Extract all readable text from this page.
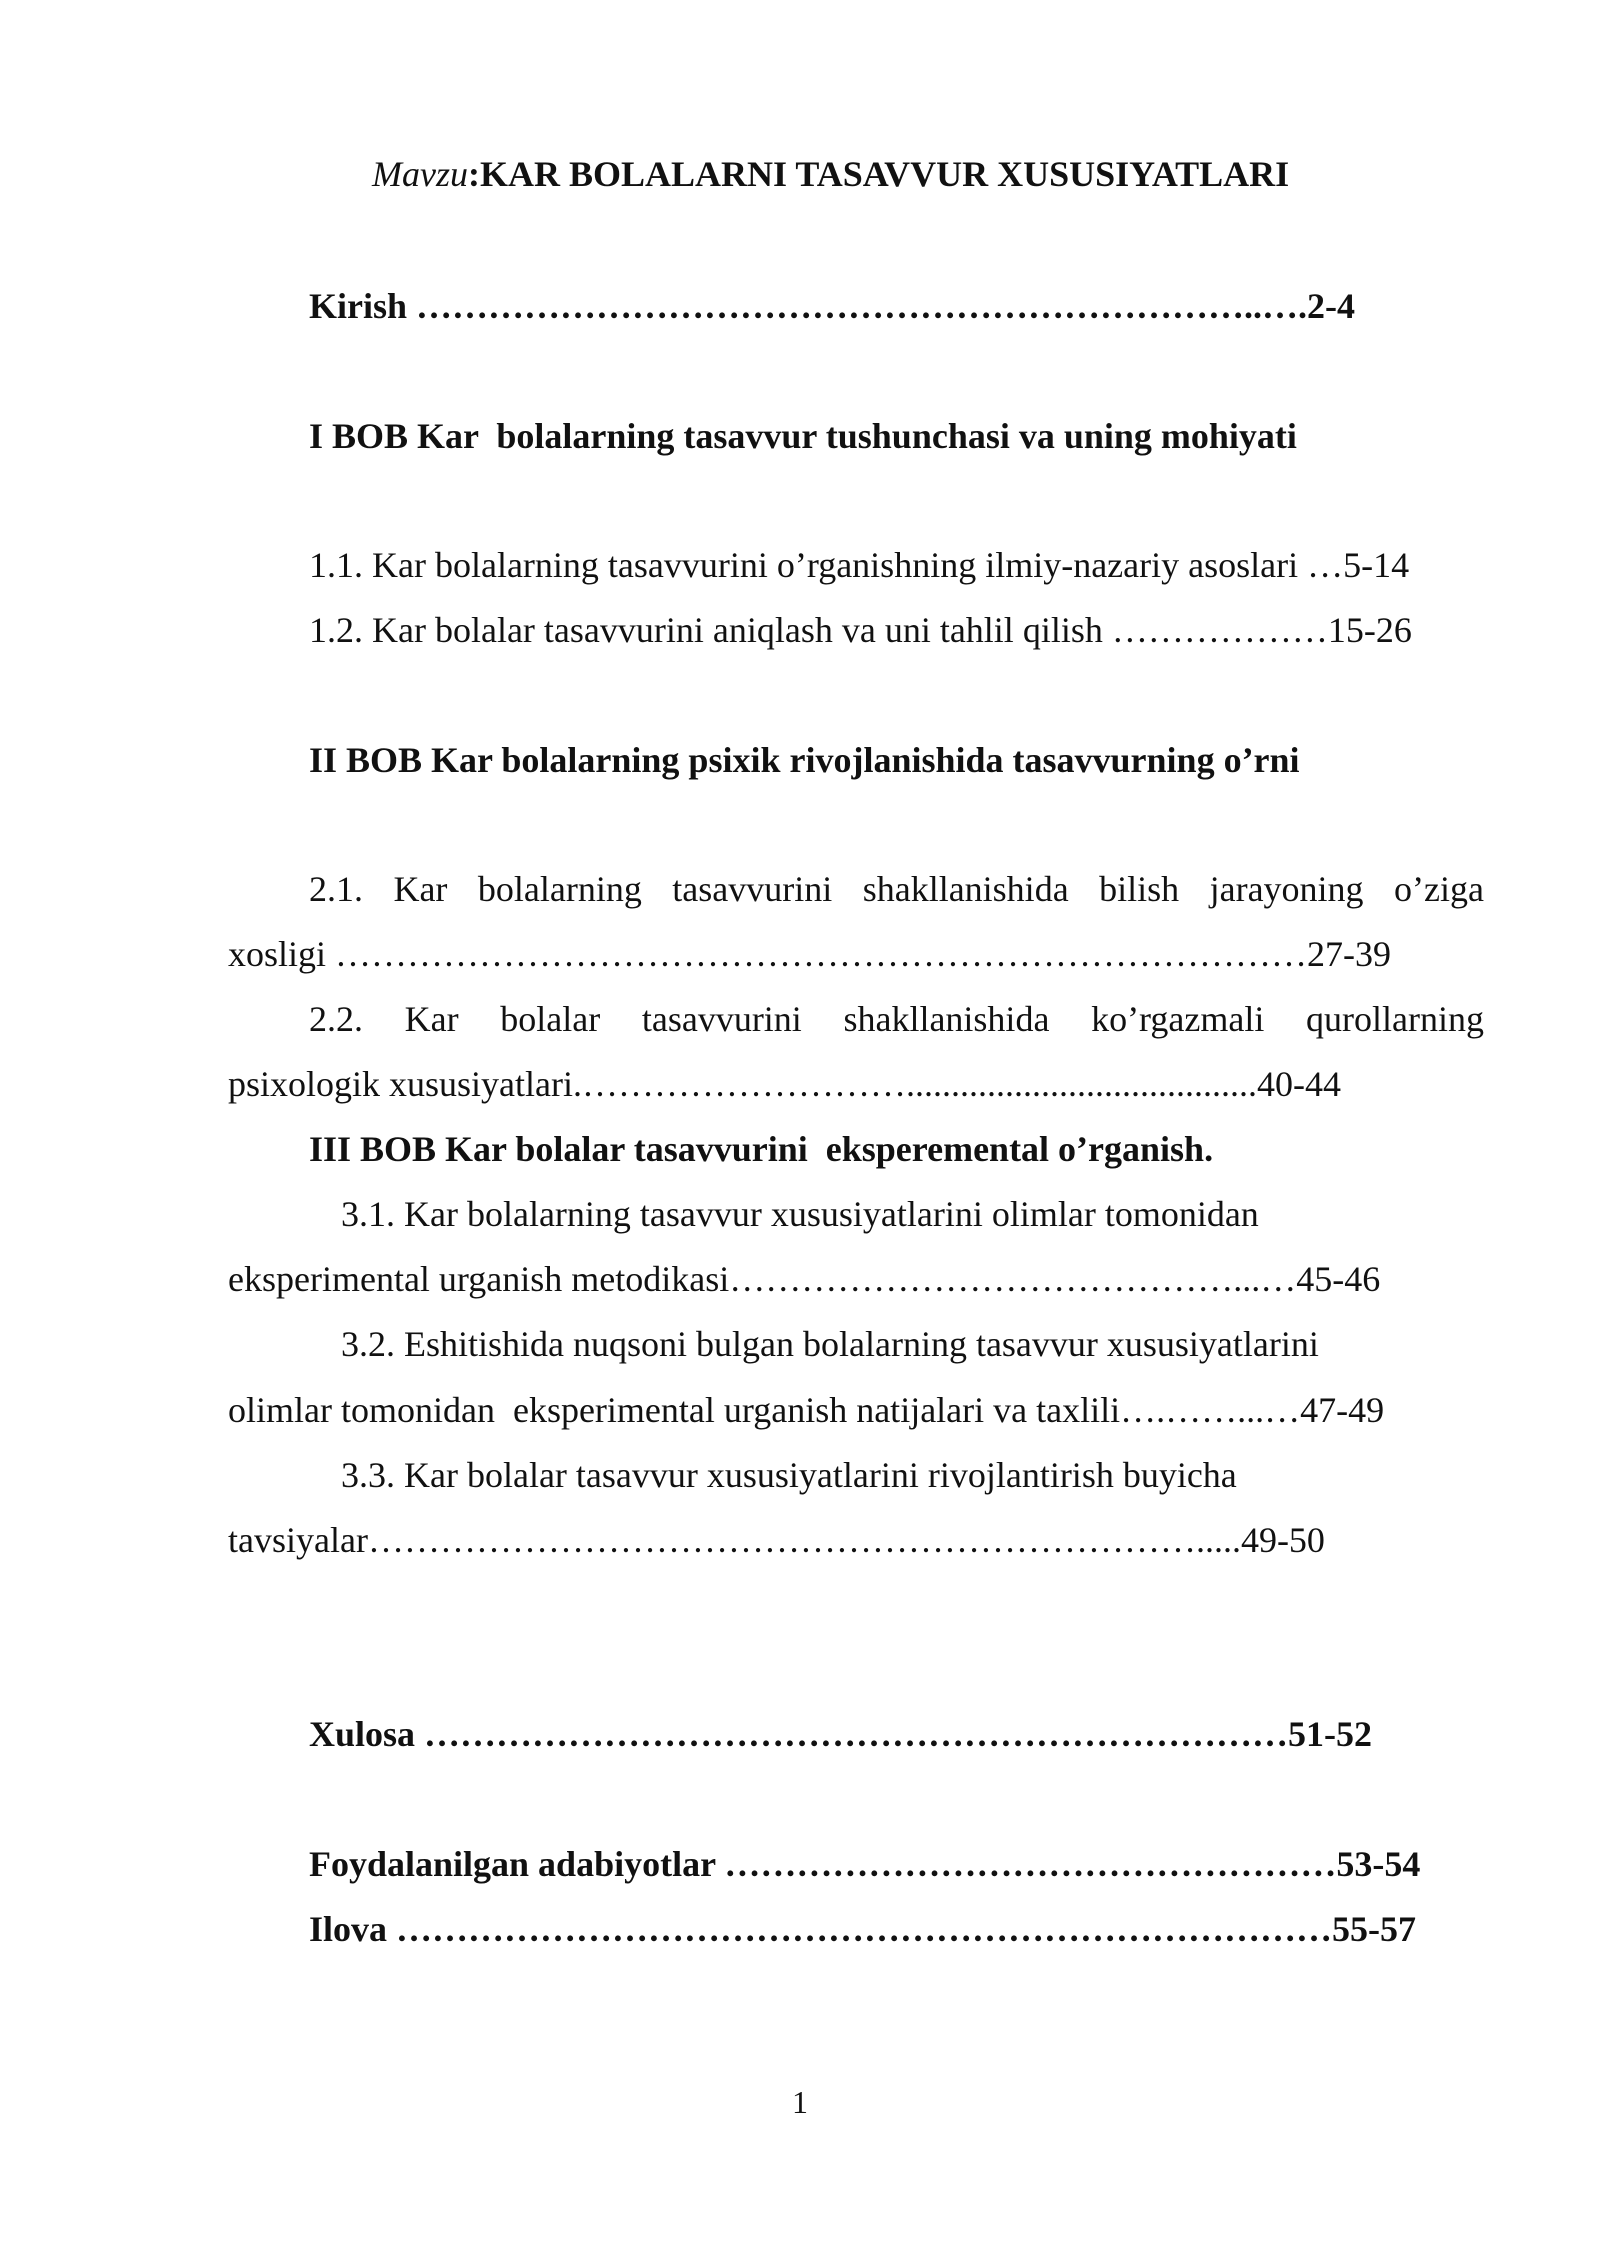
Mavzu:KAR BOLALARNI TASAVVUR XUSUSIYATLARI
Kirish ……………………………………………………………..….2-4
I BOB Kar  bolalarning tasavvur tushunchasi va uning mohiyati
1.1. Kar bolalarning tasavvurini o’rganishning ilmiy-nazariy asoslari …5-14
1.2. Kar bolalar tasavvurini aniqlash va uni tahlil qilish ………………15-26
II BOB Kar bolalarning psixik rivojlanishida tasavvurning o’rni
2.1. Kar bolalarning tasavvurini shakllanishida bilish jarayoning o’ziga
xosligi ………………………………………………………………………27-39
2.2. Kar bolalar tasavvurini shakllanishida ko’rgazmali qurollarning
psixologik xususiyatlari.……………………….......................................40-44
III BOB Kar bolalar tasavvurini  eksperemental o’rganish.
3.1. Kar bolalarning tasavvur xususiyatlarini olimlar tomonidan
eksperimental urganish metodikasi……………………………………...…45-46
3.2. Eshitishida nuqsoni bulgan bolalarning tasavvur xususiyatlarini
olimlar tomonidan  eksperimental urganish natijalari va taxlili….……...…47-49
3.3. Kar bolalar tasavvur xususiyatlarini rivojlantirish buyicha
tavsiyalar…………………………………………………………….....49-50
Xulosa ………………………………………………………………51-52
Foydalanilgan adabiyotlar ……………………………………………53-54
Ilova ……………………………………………………………………55-57
1
